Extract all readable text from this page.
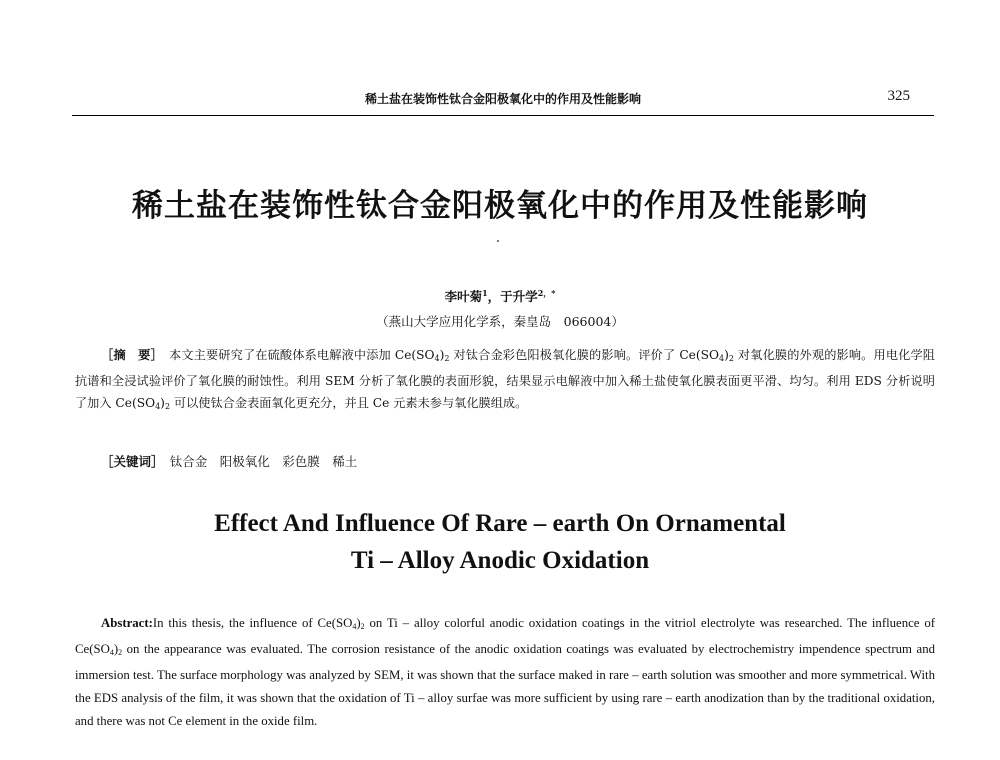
稀土盐在装饰性钛合金阳极氧化中的作用及性能影响	325
稀土盐在装饰性钛合金阳极氧化中的作用及性能影响
李叶菊$^1$，于升学$^{2,*}$
（燕山大学应用化学系，秦皇岛　066004）
［摘　要］　 本文主要研究了在硫酸体系电解液中添加 $Ce(SO_4)_2$ 对钛合金彩色阳极氧化膜的影响。评价了 $Ce(SO_4)_2$ 对氧化膜的外观的影响。用电化学阻抗谱和全浸试验评价了氧化膜的耐蚀性。利用 SEM 分析了氧化膜的表面形貌，结果显示电解液中加入稀土盐使氧化膜表面更平滑、均匀。利用 EDS 分析说明了加入 $Ce(SO_4)_2$ 可以使钛合金表面氧化更充分，并且 Ce 元素未参与氧化膜组成。
［关键词］　 钛合金　阳极氧化　彩色膜　稀土
Effect And Influence Of Rare – earth On Ornamental
Ti – Alloy Anodic Oxidation
Abstract:In this thesis, the influence of $Ce(SO_4)_2$ on Ti – alloy colorful anodic oxidation coatings in the vitriol electrolyte was researched. The influence of $Ce(SO_4)_2$ on the appearance was evaluated. The corrosion resistance of the anodic oxidation coatings was evaluated by electrochemistry impendence spectrum and immersion test. The surface morphology was analyzed by SEM, it was shown that the surface maked in rare – earth solution was smoother and more symmetrical. With the EDS analysis of the film, it was shown that the oxidation of Ti – alloy surfae was more sufficient by using rare – earth anodization than by the traditional oxidation, and there was not Ce element in the oxide film.
